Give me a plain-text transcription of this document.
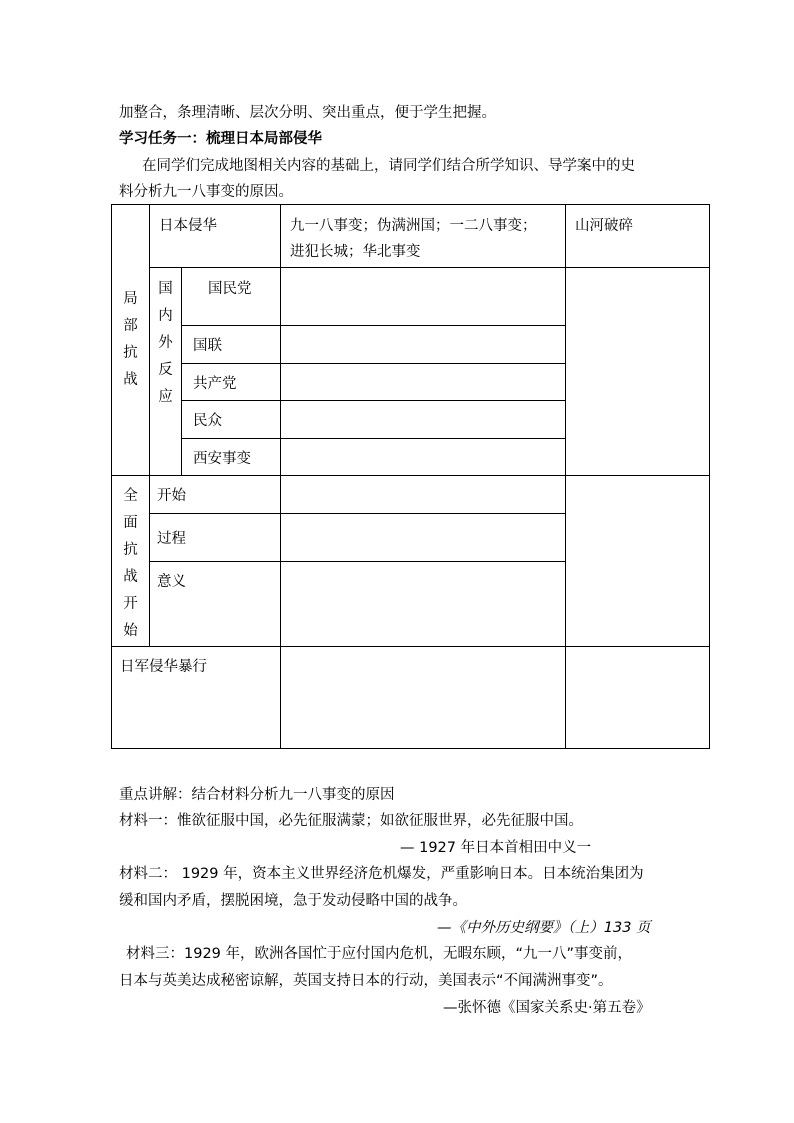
加整合，条理清晰、层次分明、突出重点，便于学生把握。
学习任务一：梳理日本局部侵华
在同学们完成地图相关内容的基础上，请同学们结合所学知识、导学案中的史
料分析九一八事变的原因。
局部抗战	日本侵华		九一八事变；伪满洲国；一二八事变；
进犯长城；华北事变	山河破碎

	国内外反应	国民党		

		国联		

		共产党		

		民众		

		西安事变		

全面抗战开始	开始			

	过程			

	意义			

日军侵华暴行				

重点讲解：结合材料分析九一八事变的原因
材料一：惟欲征服中国，必先征服满蒙；如欲征服世界，必先征服中国。
— 1927 年日本首相田中义一
材料二： 1929 年，资本主义世界经济危机爆发，严重影响日本。日本统治集团为
缓和国内矛盾，摆脱困境，急于发动侵略中国的战争。
—《中外历史纲要》（上）133 页
材料三：1929 年，欧洲各国忙于应付国内危机，无暇东顾，“九一八”事变前，
日本与英美达成秘密谅解，英国支持日本的行动，美国表示“不闻满洲事变”。
—张怀德《国家关系史·第五卷》
